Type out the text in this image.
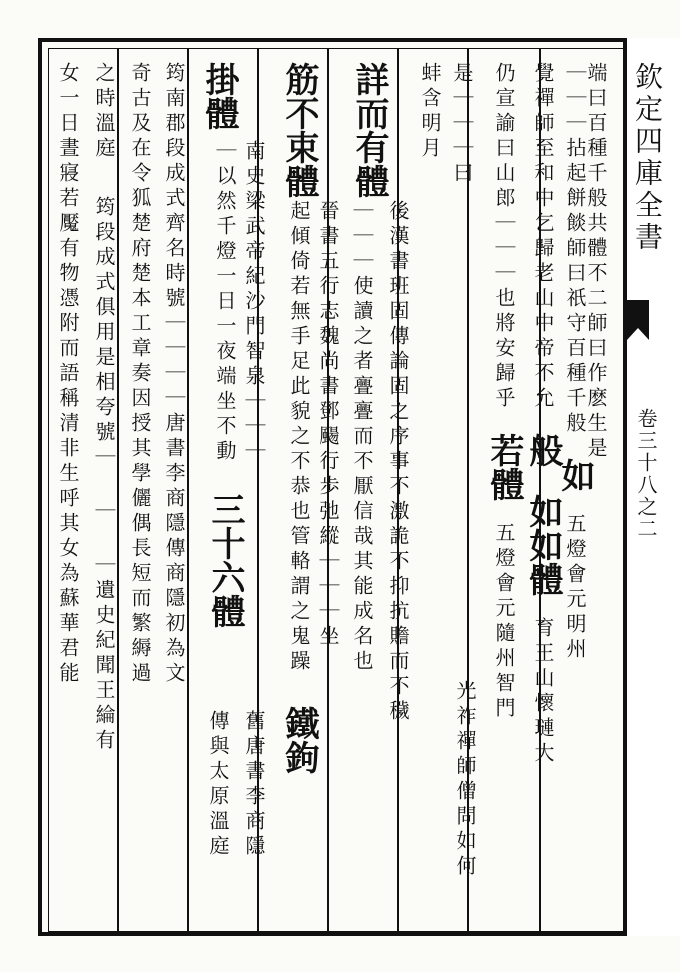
端曰百種千般共體不二師曰作麽生是
｜｜｜拈起餅餤師曰祇守百種千般 如 五燈會元明州
覺禪師至和中乞歸老山中帝不允 般 如如體 育王山懷璉大
仍宣諭曰山郎｜｜｜也將安歸乎 若體 五燈會元隨州智門
光祚禪師僧問如何
是｜｜｜曰
蚌含明月
詳而有體
後漢書班固傳論固之序事不激詭不抑抗贍而不穢
｜｜｜使讀之者亹亹而不厭信哉其能成名也
筋不束體
晉書五行志魏尚書鄧颺行歩弛縱｜｜｜坐
起傾倚若無手足此貌之不恭也管輅謂之鬼躁 鐵鉤
掛體
南史梁武帝紀沙門智泉｜｜｜
｜以然千燈一日一夜端坐不動 三十六體
舊唐書李商隱
傳與太原溫庭
筠南郡段成式齊名時號｜｜｜｜唐書李商隱傳商隱初為文
奇古及在令狐楚府楚本工章奏因授其學儷偶長短而繁縟過
筠段成式俱用是相夸號｜ ｜ ｜遺史紀聞王綸有
之時溫庭
女一日晝寢若魘有物憑附而語稱清非生呼其女為蘇華君能	欽定四庫全書
卷三十八之二
